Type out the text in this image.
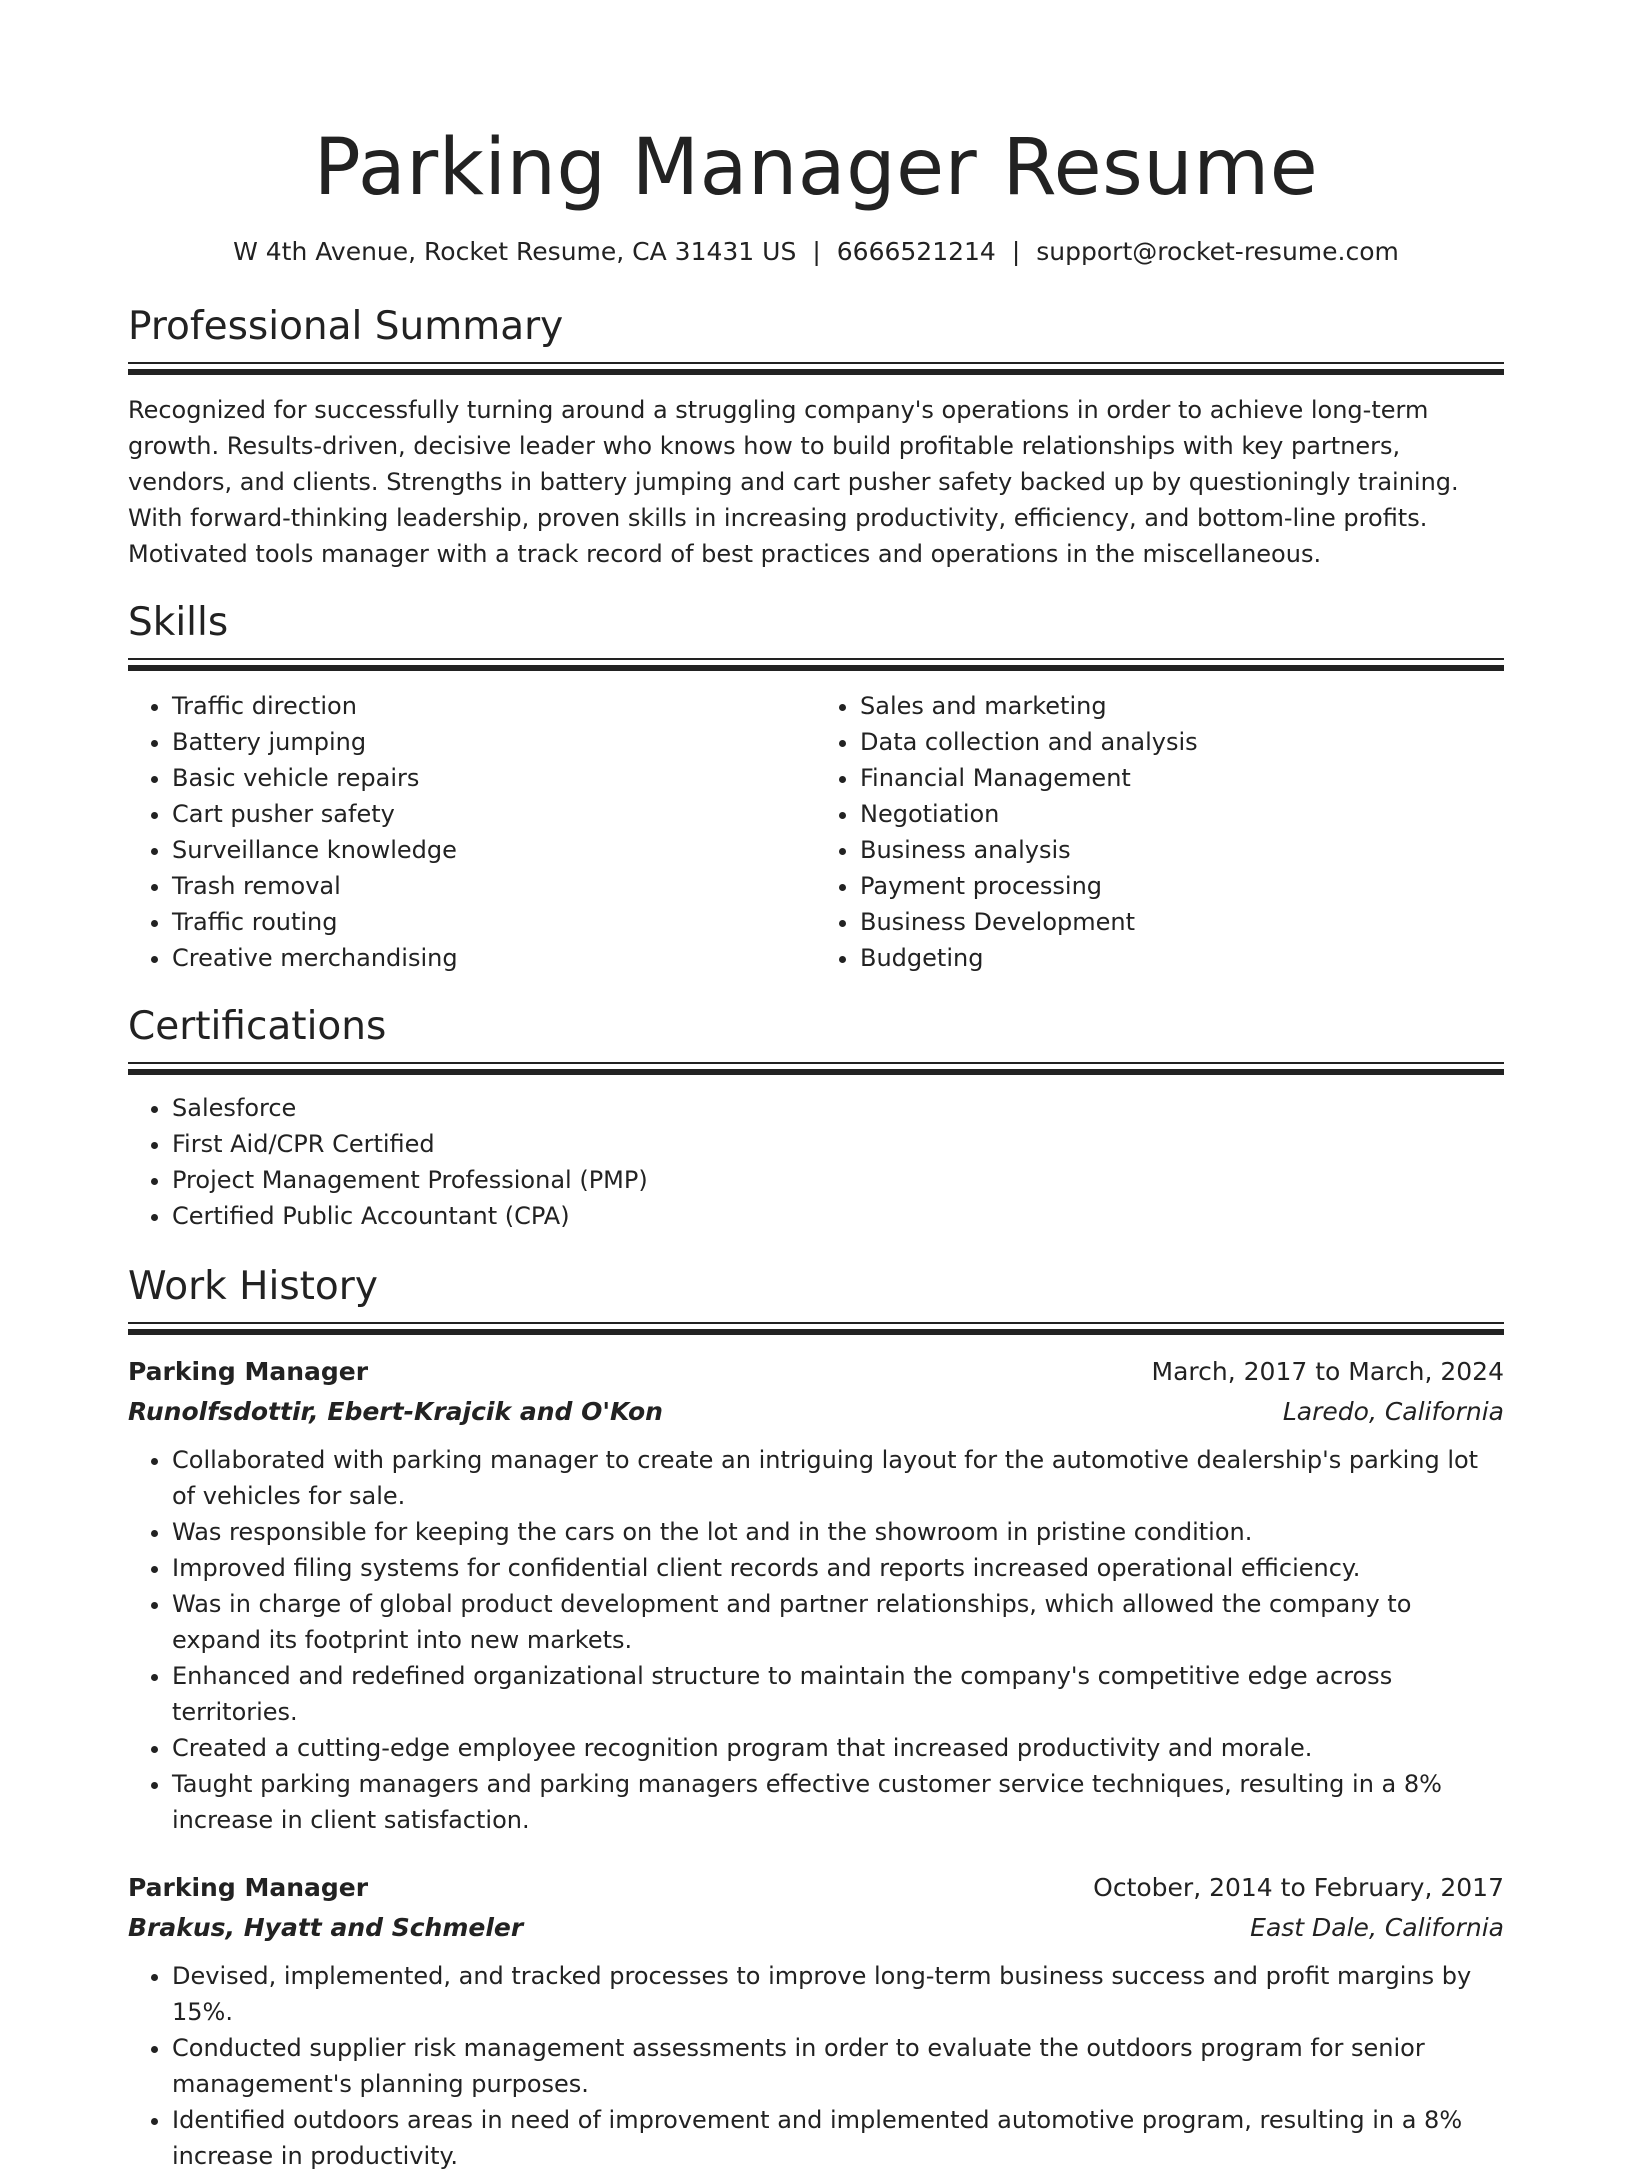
Parking Manager Resume
W 4th Avenue, Rocket Resume, CA 31431 US | 6666521214 | support@rocket-resume.com
Professional Summary

Recognized for successfully turning around a struggling company's operations in order to achieve long-term growth. Results-driven, decisive leader who knows how to build profitable relationships with key partners, vendors, and clients. Strengths in battery jumping and cart pusher safety backed up by questioningly training. With forward-thinking leadership, proven skills in increasing productivity, efficiency, and bottom-line profits. Motivated tools manager with a track record of best practices and operations in the miscellaneous.

Skills
• Traffic direction
• Battery jumping
• Basic vehicle repairs
• Cart pusher safety
• Surveillance knowledge
• Trash removal
• Traffic routing
• Creative merchandising
• Sales and marketing
• Data collection and analysis
• Financial Management
• Negotiation
• Business analysis
• Payment processing
• Business Development
• Budgeting
Certifications
• Salesforce
• First Aid/CPR Certified
• Project Management Professional (PMP)
• Certified Public Accountant (CPA)
Work History
Parking Manager	March, 2017 to March, 2024
Runolfsdottir, Ebert-Krajcik and O'Kon	Laredo, California
• Collaborated with parking manager to create an intriguing layout for the automotive dealership's parking lot of vehicles for sale.
• Was responsible for keeping the cars on the lot and in the showroom in pristine condition.
• Improved filing systems for confidential client records and reports increased operational efficiency.
• Was in charge of global product development and partner relationships, which allowed the company to expand its footprint into new markets.
• Enhanced and redefined organizational structure to maintain the company's competitive edge across territories.
• Created a cutting-edge employee recognition program that increased productivity and morale.
• Taught parking managers and parking managers effective customer service techniques, resulting in a 8% increase in client satisfaction.
Parking Manager	October, 2014 to February, 2017
Brakus, Hyatt and Schmeler	East Dale, California
• Devised, implemented, and tracked processes to improve long-term business success and profit margins by 15%.
• Conducted supplier risk management assessments in order to evaluate the outdoors program for senior management's planning purposes.
• Identified outdoors areas in need of improvement and implemented automotive program, resulting in a 8% increase in productivity.
